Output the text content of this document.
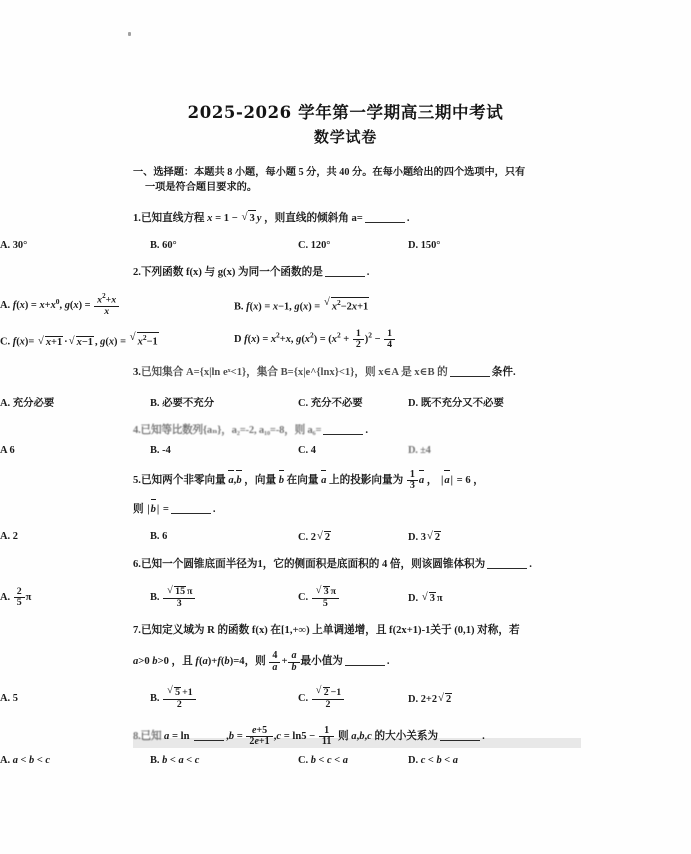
2025-2026 学年第一学期高三期中考试
数学试卷
一、选择题：本题共 8 小题，每小题 5 分，共 40 分。在每小题给出的四个选项中，只有
一项是符合题目要求的。
1.已知直线方程 x = 1 − √ 3 y ，则直线的倾斜角 a=	.
A. 30°	B. 60°	C. 120°	D. 150°
2.下列函数 f(x) 与 g(x) 为同一个函数的是	.
A. $f(x) = x+x^0$, $g(x) = \frac{x^2+x}{x}$	B. f(x) = x−1, g(x) = √ $x^2-2x+1$
C. f(x)= √ x+1 · √ x−1 , g(x) = √ $x^2-1$	D $f(x) = x^2+x$, $g(x^2) = (x^2 + \frac{1}{2} )^2 - \frac{1}{4}$
3.已知集合 A={x|ln eˣ<1}，集合 B={x|e^{lnx}<1}，则 x∈A 是 x∈B 的	条件.
A. 充分必要	B. 必要不充分	C. 充分不必要	D. 既不充分又不必要
4.已知等比数列{aₙ}，a₂=-2, a₁₀=-8，则 a₆=	.
A 6	B. -4	C. 4	D. ±4
5.已知两个非零向量 a,b ，向量 b 在向量 a 上的投影向量为 $\frac{1}{3}$ a ， |a| = 6 ，
则 |b| =	.
A. 2	B. 6	C. 2 √ 2	D. 3 √ 2
6.已知一个圆锥底面半径为1，它的侧面积是底面积的 4 倍，则该圆锥体积为	.
A. $\frac{2}{5}$ π	B. √ $\frac{15 \pi}{3}$	C. √ $\frac{3 \pi}{5}$	D. √ 3 π
7.已知定义域为 R 的函数 f(x) 在[1,+∞) 上单调递增，且 f(2x+1)-1关于 (0,1) 对称，若
a>0 b>0 ，且 f(a)+f(b)=4，则 $\frac{4}{a} + \frac{a}{b}$ 最小值为	.
A. 5	B. √ $\frac{5 +1}{2}$	C. √ $\frac{2 -1}{2}$	D. 2+2 √ 2
8.已知 a = ln	$,b = \frac{e+5}{2e+1} ,c = \ln 5 - \frac{1}{11}$ 则 a,b,c 的大小关系为	.
A. a < b < c	B. b < a < c	C. b < c < a	D. c < b < a
